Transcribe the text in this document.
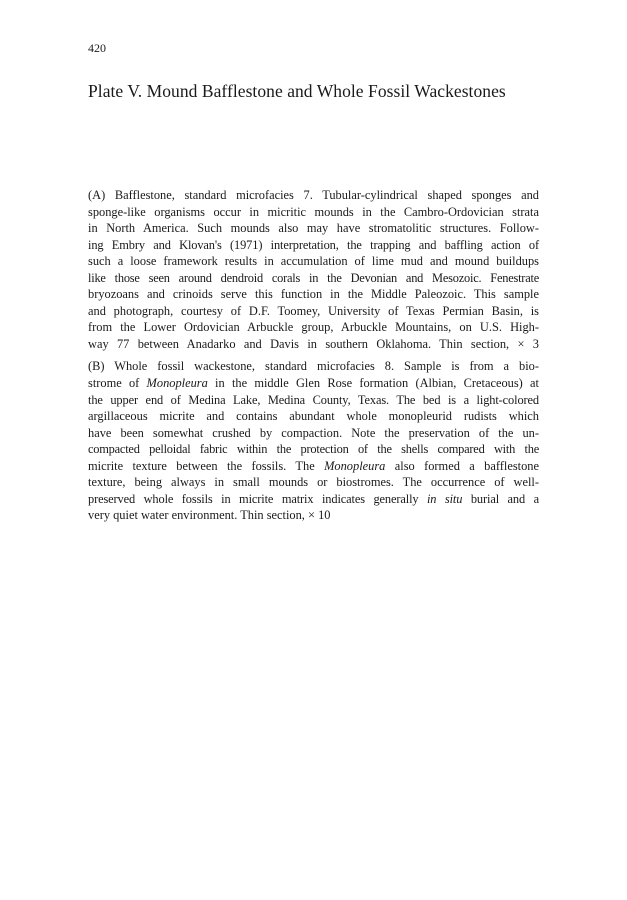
420
Plate V. Mound Bafflestone and Whole Fossil Wackestones

(A) Bafflestone, standard microfacies 7. Tubular-cylindrical shaped sponges and
sponge-like organisms occur in micritic mounds in the Cambro-Ordovician strata
in North America. Such mounds also may have stromatolitic structures. Follow-
ing Embry and Klovan's (1971) interpretation, the trapping and baffling action of
such a loose framework results in accumulation of lime mud and mound buildups
like those seen around dendroid corals in the Devonian and Mesozoic. Fenestrate
bryozoans and crinoids serve this function in the Middle Paleozoic. This sample
and photograph, courtesy of D.F. Toomey, University of Texas Permian Basin, is
from the Lower Ordovician Arbuckle group, Arbuckle Mountains, on U.S. High-
way 77 between Anadarko and Davis in southern Oklahoma. Thin section, × 3

(B) Whole fossil wackestone, standard microfacies 8. Sample is from a bio-
strome of Monopleura in the middle Glen Rose formation (Albian, Cretaceous) at
the upper end of Medina Lake, Medina County, Texas. The bed is a light-colored
argillaceous micrite and contains abundant whole monopleurid rudists which
have been somewhat crushed by compaction. Note the preservation of the un-
compacted pelloidal fabric within the protection of the shells compared with the
micrite texture between the fossils. The Monopleura also formed a bafflestone
texture, being always in small mounds or biostromes. The occurrence of well-
preserved whole fossils in micrite matrix indicates generally in situ burial and a
very quiet water environment. Thin section, × 10
